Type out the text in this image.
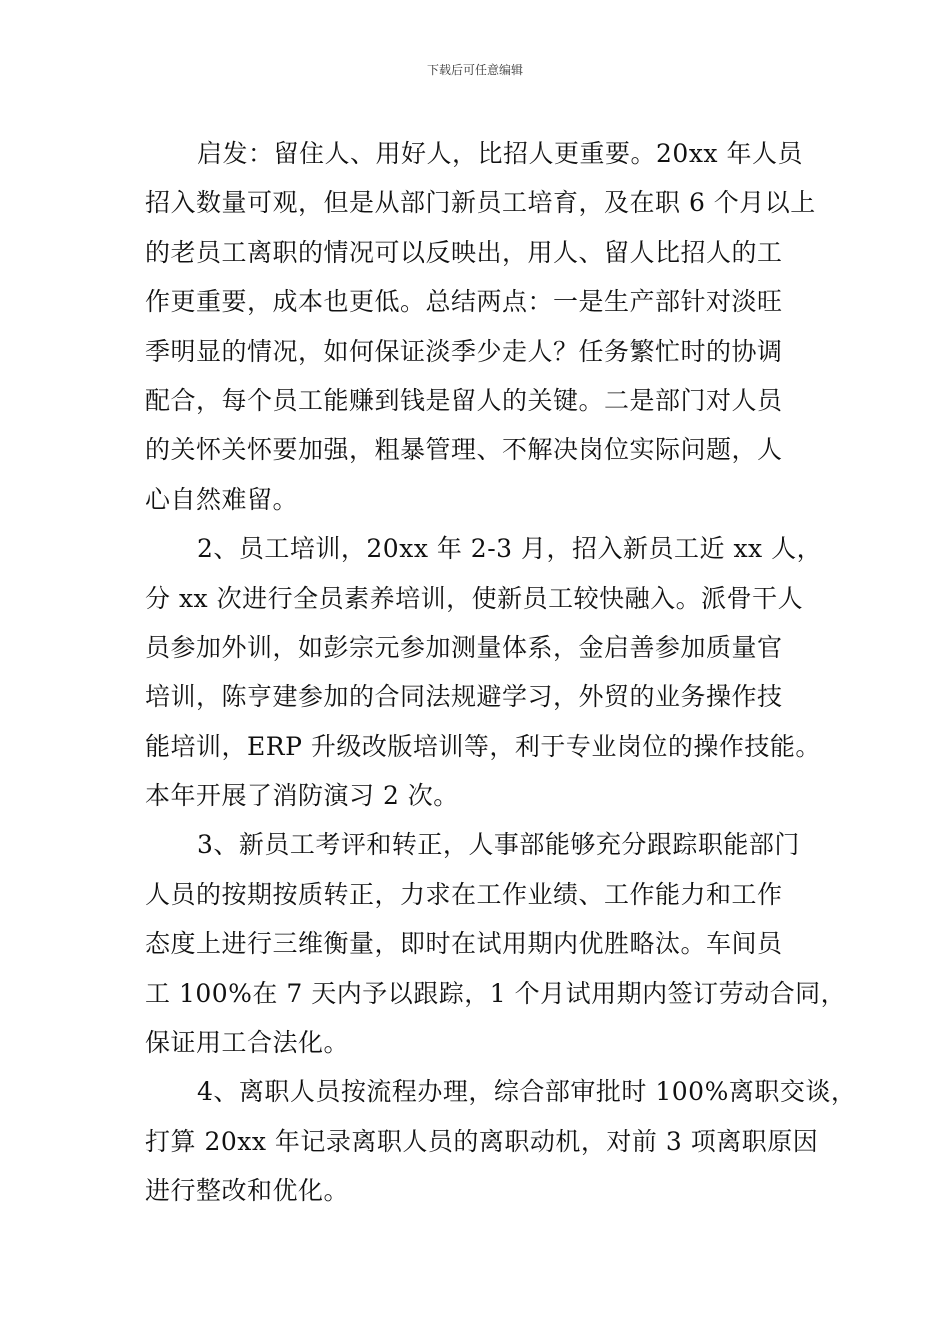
下载后可任意编辑
启发：留住人、用好人，比招人更重要。20xx 年人员
招入数量可观，但是从部门新员工培育，及在职 6 个月以上
的老员工离职的情况可以反映出，用人、留人比招人的工
作更重要，成本也更低。总结两点：一是生产部针对淡旺
季明显的情况，如何保证淡季少走人？任务繁忙时的协调
配合，每个员工能赚到钱是留人的关键。二是部门对人员
的关怀关怀要加强，粗暴管理、不解决岗位实际问题，人
心自然难留。
2、员工培训，20xx 年 2-3 月，招入新员工近 xx 人，
分 xx 次进行全员素养培训，使新员工较快融入。派骨干人
员参加外训，如彭宗元参加测量体系，金启善参加质量官
培训，陈亨建参加的合同法规避学习，外贸的业务操作技
能培训，ERP 升级改版培训等，利于专业岗位的操作技能。
本年开展了消防演习 2 次。
3、新员工考评和转正，人事部能够充分跟踪职能部门
人员的按期按质转正，力求在工作业绩、工作能力和工作
态度上进行三维衡量，即时在试用期内优胜略汰。车间员
工 100%在 7 天内予以跟踪，1 个月试用期内签订劳动合同，
保证用工合法化。
4、离职人员按流程办理，综合部审批时 100%离职交谈，
打算 20xx 年记录离职人员的离职动机，对前 3 项离职原因
进行整改和优化。
